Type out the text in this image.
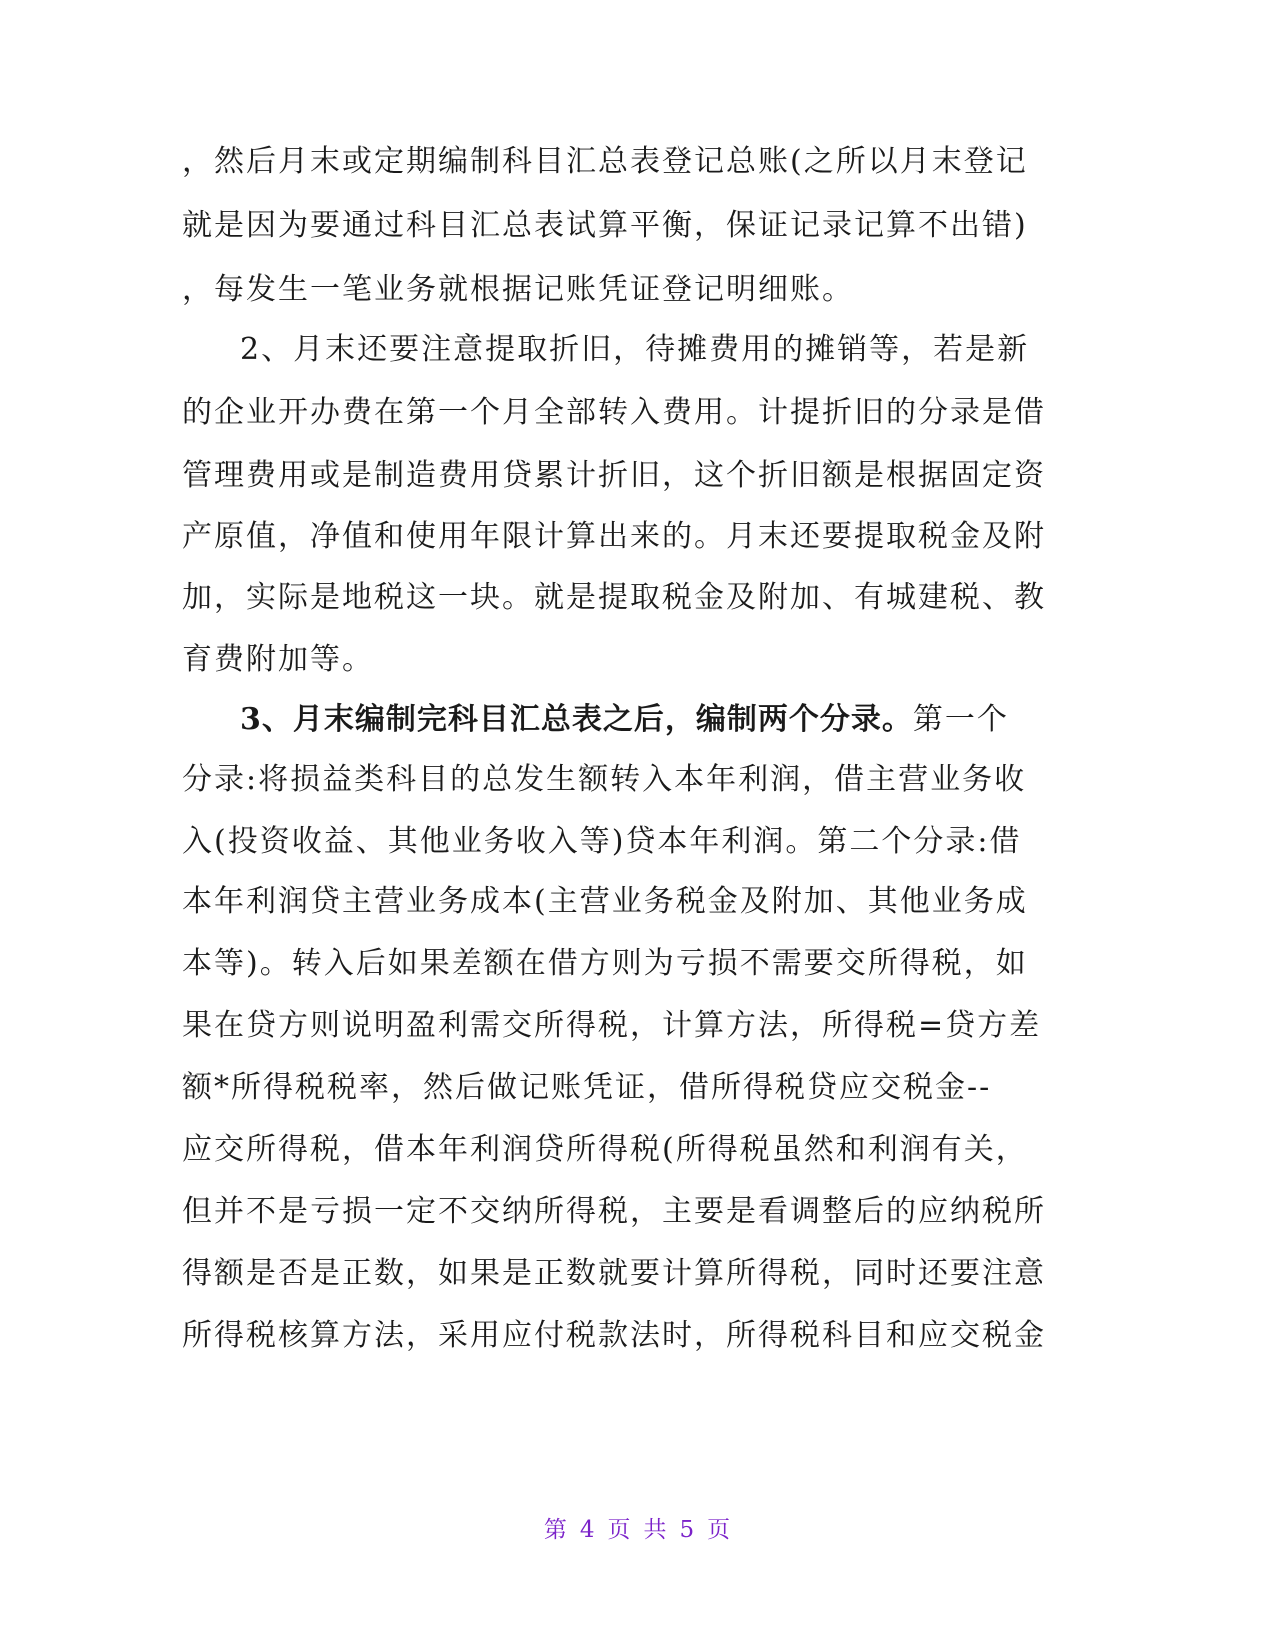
，然后月末或定期编制科目汇总表登记总账(之所以月末登记
就是因为要通过科目汇总表试算平衡，保证记录记算不出错)
，每发生一笔业务就根据记账凭证登记明细账。
2、月末还要注意提取折旧，待摊费用的摊销等，若是新
的企业开办费在第一个月全部转入费用。计提折旧的分录是借
管理费用或是制造费用贷累计折旧，这个折旧额是根据固定资
产原值，净值和使用年限计算出来的。月末还要提取税金及附
加，实际是地税这一块。就是提取税金及附加、有城建税、教
育费附加等。
3、月末编制完科目汇总表之后，编制两个分录。第一个
分录:将损益类科目的总发生额转入本年利润，借主营业务收
入(投资收益、其他业务收入等)贷本年利润。第二个分录:借
本年利润贷主营业务成本(主营业务税金及附加、其他业务成
本等)。转入后如果差额在借方则为亏损不需要交所得税，如
果在贷方则说明盈利需交所得税，计算方法，所得税=贷方差
额*所得税税率，然后做记账凭证，借所得税贷应交税金--
应交所得税，借本年利润贷所得税(所得税虽然和利润有关，
但并不是亏损一定不交纳所得税，主要是看调整后的应纳税所
得额是否是正数，如果是正数就要计算所得税，同时还要注意
所得税核算方法，采用应付税款法时，所得税科目和应交税金
第 4 页 共 5 页
